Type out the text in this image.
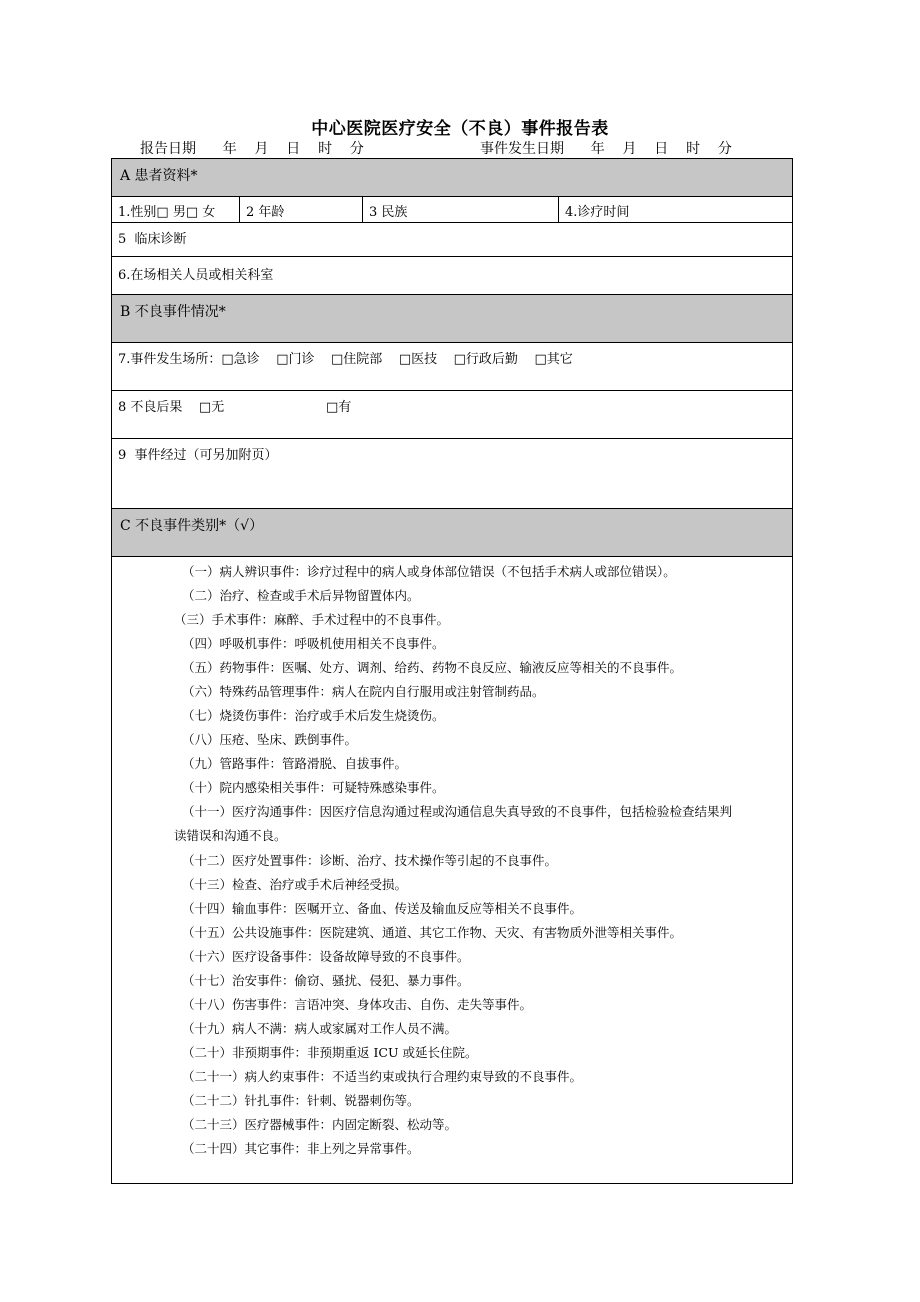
中心医院医疗安全（不良）事件报告表
报告日期      年    月    日    时    分	事件发生日期      年    月    日    时    分
A 患者资料*
1.性别□ 男□ 女	2 年龄	3 民族	4.诊疗时间
5  临床诊断
6.在场相关人员或相关科室
B 不良事件情况*
7.事件发生场所：□急诊    □门诊    □住院部    □医技    □行政后勤    □其它
8 不良后果    □无	□有
9  事件经过（可另加附页）
C 不良事件类别*（√）
（一）病人辨识事件：诊疗过程中的病人或身体部位错误（不包括手术病人或部位错误）。
（二）治疗、检查或手术后异物留置体内。
（三）手术事件：麻醉、手术过程中的不良事件。
（四）呼吸机事件：呼吸机使用相关不良事件。
（五）药物事件：医嘱、处方、调剂、给药、药物不良反应、输液反应等相关的不良事件。
（六）特殊药品管理事件：病人在院内自行服用或注射管制药品。
（七）烧烫伤事件：治疗或手术后发生烧烫伤。
（八）压疮、坠床、跌倒事件。
（九）管路事件：管路滑脱、自拔事件。
（十）院内感染相关事件：可疑特殊感染事件。
（十一）医疗沟通事件：因医疗信息沟通过程或沟通信息失真导致的不良事件，包括检验检查结果判
读错误和沟通不良。
（十二）医疗处置事件：诊断、治疗、技术操作等引起的不良事件。
（十三）检查、治疗或手术后神经受损。
（十四）输血事件：医嘱开立、备血、传送及输血反应等相关不良事件。
（十五）公共设施事件：医院建筑、通道、其它工作物、天灾、有害物质外泄等相关事件。
（十六）医疗设备事件：设备故障导致的不良事件。
（十七）治安事件：偷窃、骚扰、侵犯、暴力事件。
（十八）伤害事件：言语冲突、身体攻击、自伤、走失等事件。
（十九）病人不满：病人或家属对工作人员不满。
（二十）非预期事件：非预期重返 ICU 或延长住院。
（二十一）病人约束事件：不适当约束或执行合理约束导致的不良事件。
（二十二）针扎事件：针刺、锐器刺伤等。
（二十三）医疗器械事件：内固定断裂、松动等。
（二十四）其它事件：非上列之异常事件。
